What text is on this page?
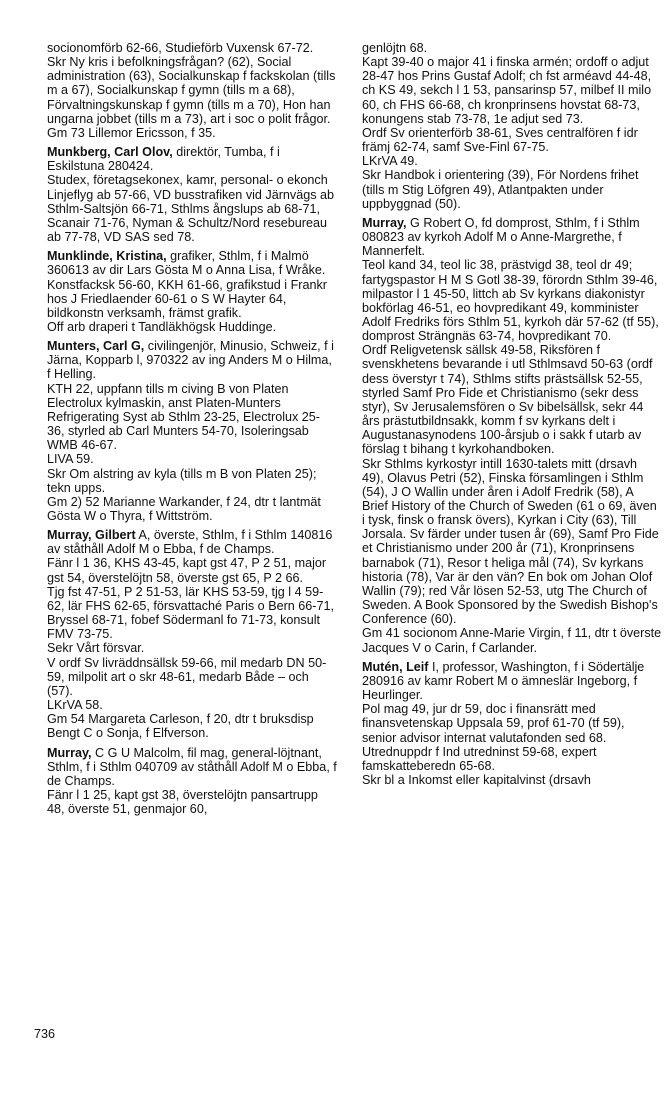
socionomförb 62-66, Studieförb Vuxensk 67-72.

Skr Ny kris i befolkningsfrågan? (62), Social administration (63), Socialkunskap f fackskolan (tills m a 67), Socialkunskap f gymn (tills m a 68), Förvaltningskunskap f gymn (tills m a 70), Hon han ungarna jobbet (tills m a 73), art i soc o polit frågor. Gm 73 Lillemor Ericsson, f 35.

Munkberg, Carl Olov, direktör, Tumba, f i Eskilstuna 280424.

Studex, företagsekonex, kamr, personal- o ekonch Linjeflyg ab 57-66, VD busstrafiken vid Järnvägs ab Sthlm-Saltsjön 66-71, Sthlms ångslups ab 68-71, Scanair 71-76, Nyman & Schultz/Nord resebureau ab 77-78, VD SAS sed 78.

Munklinde, Kristina, grafiker, Sthlm, f i Malmö 360613 av dir Lars Gösta M o Anna Lisa, f Wråke.

Konstfacksk 56-60, KKH 61-66, grafikstud i Frankr hos J Friedlaender 60-61 o S W Hayter 64, bildkonstn verksamh, främst grafik.

Off arb draperi t Tandläkhögsk Huddinge.

Munters, Carl G, civilingenjör, Minusio, Schweiz, f i Järna, Kopparb l, 970322 av ing Anders M o Hilma, f Helling.

KTH 22, uppfann tills m civing B von Platen Electrolux kylmaskin, anst Platen-Munters Refrigerating Syst ab Sthlm 23-25, Electrolux 25-36, styrled ab Carl Munters 54-70, Isoleringsab WMB 46-67.

LIVA 59.

Skr Om alstring av kyla (tills m B von Platen 25); tekn upps.

Gm 2) 52 Marianne Warkander, f 24, dtr t lantmät Gösta W o Thyra, f Wittström.

Murray, Gilbert A, överste, Sthlm, f i Sthlm 140816 av ståthåll Adolf M o Ebba, f de Champs.

Fänr l 1 36, KHS 43-45, kapt gst 47, P 2 51, major gst 54, överstelöjtn 58, överste gst 65, P 2 66.

Tjg fst 47-51, P 2 51-53, lär KHS 53-59, tjg l 4 59-62, lär FHS 62-65, försvattaché Paris o Bern 66-71, Bryssel 68-71, fobef Södermanl fo 71-73, konsult FMV 73-75.

Sekr Vårt försvar.

V ordf Sv livräddnsällsk 59-66, mil medarb DN 50-59, milpolit art o skr 48-61, medarb Både – och (57).

LKrVA 58.

Gm 54 Margareta Carleson, f 20, dtr t bruksdisp Bengt C o Sonja, f Elfverson.

Murray, C G U Malcolm, fil mag, general-löjtnant, Sthlm, f i Sthlm 040709 av ståthåll Adolf M o Ebba, f de Champs.

Fänr l 1 25, kapt gst 38, överstelöjtn pansartrupp 48, överste 51, genmajor 60,

genlöjtn 68.

Kapt 39-40 o major 41 i finska armén; ordoff o adjut 28-47 hos Prins Gustaf Adolf; ch fst arméavd 44-48, ch KS 49, sekch l 1 53, pansarinsp 57, milbef II milo 60, ch FHS 66-68, ch kronprinsens hovstat 68-73, konungens stab 73-78, 1e adjut sed 73.

Ordf Sv orienterförb 38-61, Sves centralfören f idr främj 62-74, samf Sve-Finl 67-75.

LKrVA 49.

Skr Handbok i orientering (39), För Nordens frihet (tills m Stig Löfgren 49), Atlantpakten under uppbyggnad (50).

Murray, G Robert O, fd domprost, Sthlm, f i Sthlm 080823 av kyrkoh Adolf M o Anne-Margrethe, f Mannerfelt.

Teol kand 34, teol lic 38, prästvigd 38, teol dr 49; fartygspastor H M S Gotl 38-39, förordn Sthlm 39-46, milpastor l 1 45-50, littch ab Sv kyrkans diakonistyr bokförlag 46-51, eo hovpredikant 49, komminister Adolf Fredriks förs Sthlm 51, kyrkoh där 57-62 (tf 55), domprost Strängnäs 63-74, hovpredikant 70.

Ordf Religvetensk sällsk 49-58, Riksfören f svenskhetens bevarande i utl Sthlmsavd 50-63 (ordf dess överstyr t 74), Sthlms stifts prästsällsk 52-55, styrled Samf Pro Fide et Christianismo (sekr dess styr), Sv Jerusalemsfören o Sv bibelsällsk, sekr 44 års prästutbildnsakk, komm f sv kyrkans delt i Augustanasynodens 100-årsjub o i sakk f utarb av förslag t bihang t kyrkohandboken.

Skr Sthlms kyrkostyr intill 1630-talets mitt (drsavh 49), Olavus Petri (52), Finska församlingen i Sthlm (54), J O Wallin under åren i Adolf Fredrik (58), A Brief History of the Church of Sweden (61 o 69, även i tysk, finsk o fransk övers), Kyrkan i City (63), Till Jorsala. Sv färder under tusen år (69), Samf Pro Fide et Christianismo under 200 år (71), Kronprinsens barnabok (71), Resor t heliga mål (74), Sv kyrkans historia (78), Var är den vän? En bok om Johan Olof Wallin (79); red Vår lösen 52-53, utg The Church of Sweden. A Book Sponsored by the Swedish Bishop's Conference (60).

Gm 41 socionom Anne-Marie Virgin, f 11, dtr t överste Jacques V o Carin, f Carlander.

Mutén, Leif I, professor, Washington, f i Södertälje 280916 av kamr Robert M o ämneslär Ingeborg, f Heurlinger.

Pol mag 49, jur dr 59, doc i finansrätt med finansvetenskap Uppsala 59, prof 61-70 (tf 59), senior advisor internat valutafonden sed 68.

Utrednuppdr f Ind utredninst 59-68, expert famskatteberedn 65-68.

Skr bl a Inkomst eller kapitalvinst (drsavh

736
